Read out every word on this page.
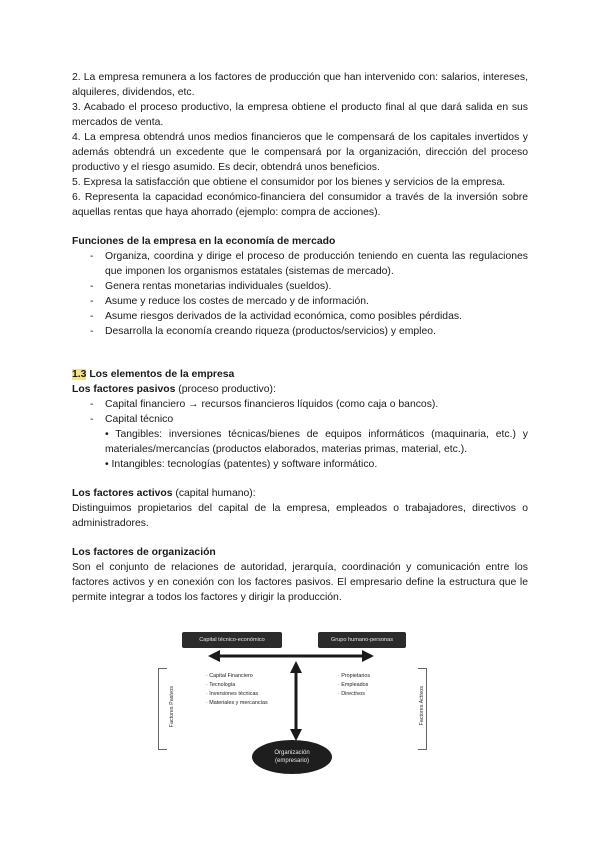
2. La empresa remunera a los factores de producción que han intervenido con: salarios, intereses, alquileres, dividendos, etc.

3. Acabado el proceso productivo, la empresa obtiene el producto final al que dará salida en sus mercados de venta.

4. La empresa obtendrá unos medios financieros que le compensará de los capitales invertidos y además obtendrá un excedente que le compensará por la organización, dirección del proceso productivo y el riesgo asumido. Es decir, obtendrá unos beneficios.

5. Expresa la satisfacción que obtiene el consumidor por los bienes y servicios de la empresa.

6. Representa la capacidad económico-financiera del consumidor a través de la inversión sobre aquellas rentas que haya ahorrado (ejemplo: compra de acciones).

Funciones de la empresa en la economía de mercado

- Organiza, coordina y dirige el proceso de producción teniendo en cuenta las regulaciones que imponen los organismos estatales (sistemas de mercado).
- Genera rentas monetarias individuales (sueldos).
- Asume y reduce los costes de mercado y de información.
- Asume riesgos derivados de la actividad económica, como posibles pérdidas.
- Desarrolla la economía creando riqueza (productos/servicios) y empleo.

1.3 Los elementos de la empresa

Los factores pasivos (proceso productivo):

- Capital financiero → recursos financieros líquidos (como caja o bancos).
- Capital técnico

• Tangibles: inversiones técnicas/bienes de equipos informáticos (maquinaria, etc.) y materiales/mercancías (productos elaborados, materias primas, material, etc.).

• Intangibles: tecnologías (patentes) y software informático.

Los factores activos (capital humano):

Distinguimos propietarios del capital de la empresa, empleados o trabajadores, directivos o administradores.

Los factores de organización

Son el conjunto de relaciones de autoridad, jerarquía, coordinación y comunicación entre los factores activos y en conexión con los factores pasivos. El empresario define la estructura que le permite integrar a todos los factores y dirigir la producción.

Capital técnico-económico	Grupo humano-personas
Factores Pasivos	Factores Activos
· Capital Financiero
· Tecnología
· Inversiones técnicas
· Materiales y mercancías
· Propietarios
· Empleados
· Directivos
Organización
(empresario)
